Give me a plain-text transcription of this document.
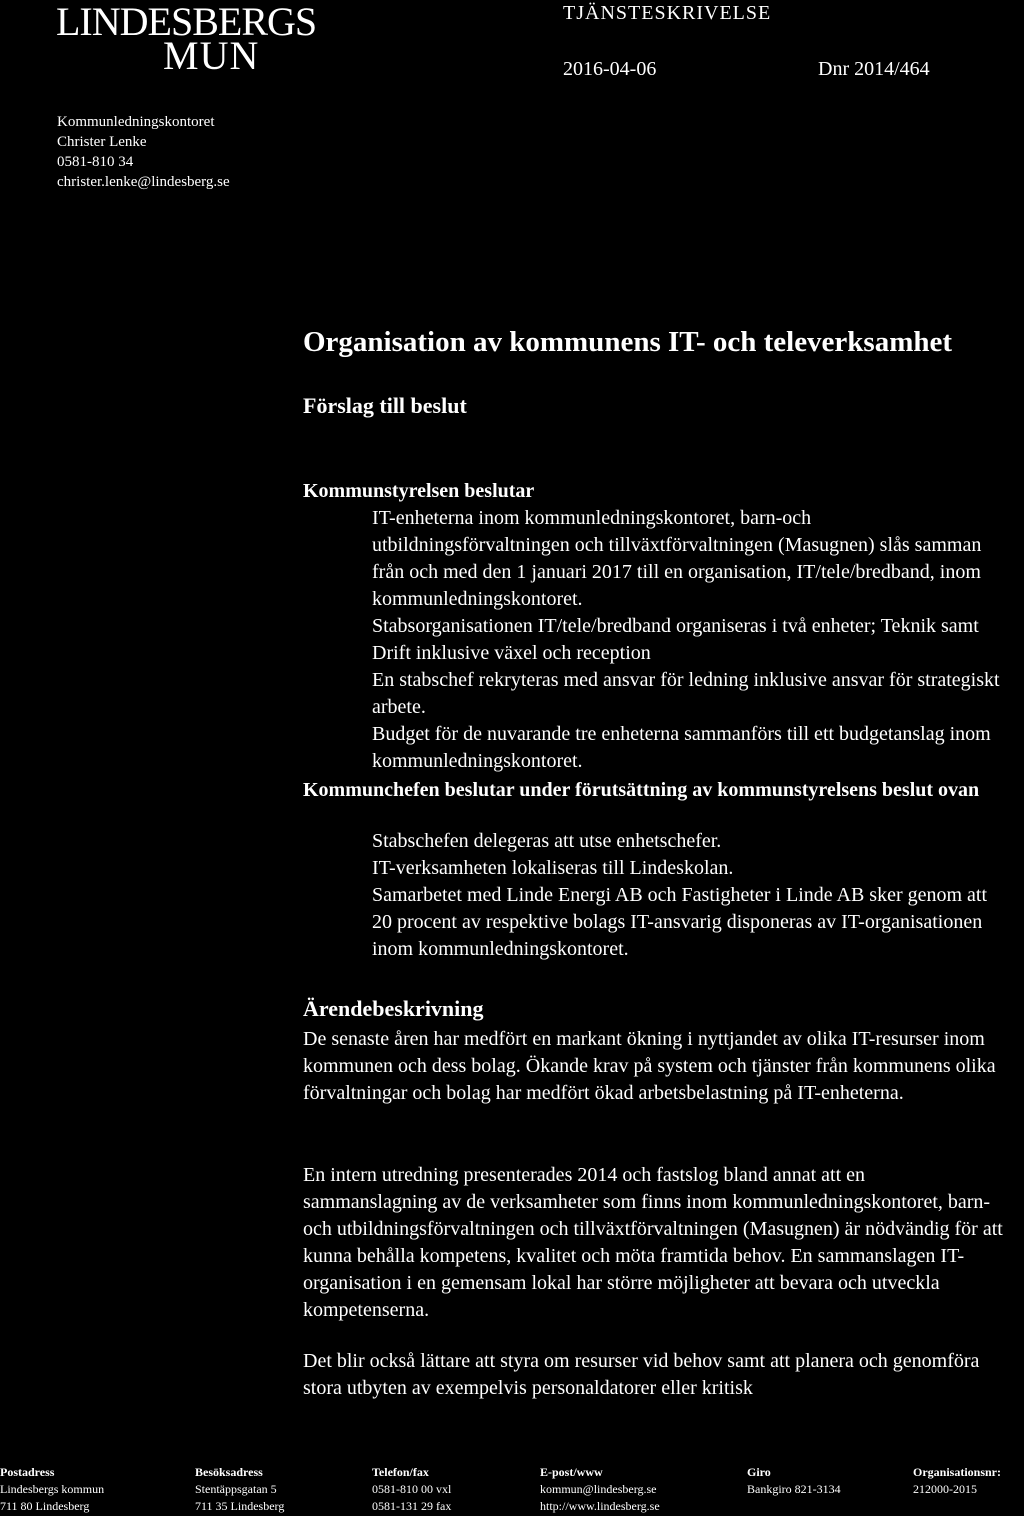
LINDESBERGS
MUN
TJÄNSTESKRIVELSE
2016-04-06	Dnr 2014/464
Kommunledningskontoret
Christer Lenke
0581-810 34
christer.lenke@lindesberg.se
Organisation av kommunens IT- och televerksamhet
Förslag till beslut
Kommunstyrelsen beslutar

IT-enheterna inom kommunledningskontoret, barn-och utbildningsförvaltningen och tillväxtförvaltningen (Masugnen) slås samman från och med den 1 januari 2017 till en organisation, IT/tele/bredband, inom kommunledningskontoret.

Stabsorganisationen IT/tele/bredband organiseras i två enheter; Teknik samt Drift inklusive växel och reception

En stabschef rekryteras med ansvar för ledning inklusive ansvar för strategiskt arbete.

Budget för de nuvarande tre enheterna sammanförs till ett budgetanslag inom kommunledningskontoret.

Kommunchefen beslutar under förutsättning av kommunstyrelsens beslut ovan

Stabschefen delegeras att utse enhetschefer.

IT-verksamheten lokaliseras till Lindeskolan.

Samarbetet med Linde Energi AB och Fastigheter i Linde AB sker genom att 20 procent av respektive bolags IT-ansvarig disponeras av IT-organisationen inom kommunledningskontoret.

Ärendebeskrivning
De senaste åren har medfört en markant ökning i nyttjandet av olika IT-resurser inom kommunen och dess bolag. Ökande krav på system och tjänster från kommunens olika förvaltningar och bolag har medfört ökad arbetsbelastning på IT-enheterna.
En intern utredning presenterades 2014 och fastslog bland annat att en sammanslagning av de verksamheter som finns inom kommunledningskontoret, barn- och utbildningsförvaltningen och tillväxtförvaltningen (Masugnen) är nödvändig för att kunna behålla kompetens, kvalitet och möta framtida behov. En sammanslagen IT-organisation i en gemensam lokal har större möjligheter att bevara och utveckla kompetenserna.
Det blir också lättare att styra om resurser vid behov samt att planera och genomföra stora utbyten av exempelvis personaldatorer eller kritisk
Postadress
Lindesbergs kommun
711 80 Lindesberg
Besöksadress
Stentäppsgatan 5
711 35 Lindesberg
Telefon/fax
0581-810 00 vxl
0581-131 29 fax
E-post/www
kommun@lindesberg.se
http://www.lindesberg.se
Giro
Bankgiro 821-3134
Organisationsnr:
212000-2015
